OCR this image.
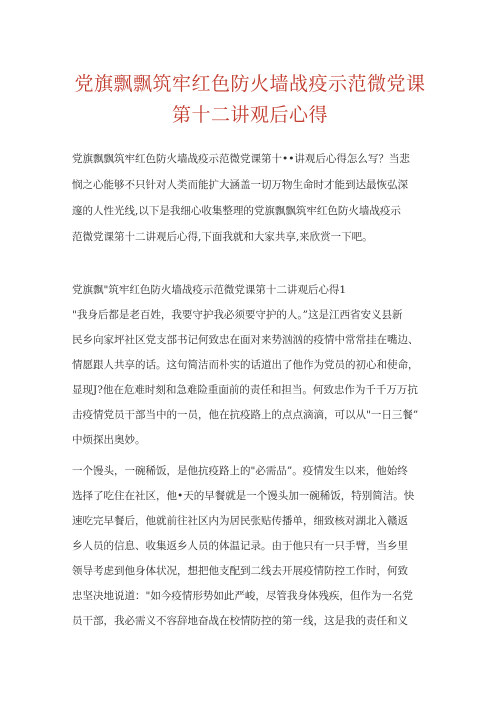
党旗飘飘筑牢红色防火墙战疫示范微党课
第十二讲观后心得
党旗飘飘筑牢红色防火墙战疫示范微党课第十••讲观后心得怎么写？当悲
悯之心能够不只针对人类而能扩大涵盖一切万物生命时才能到达最恢弘深
邃的人性光线,以下是我细心收集整理的党旗飘飘筑牢红色防火墙战疫示
范微党课第十二讲观后心得,下面我就和大家共享,来欣赏一下吧。
党旗飘"筑牢红色防火墙战疫示范微党课第十二讲观后心得1
"我身后都是老百姓，我要守护我必须要守护的人。”这是江西省安义县新
民乡向家坪社区党支部书记何致忠在面对来势汹汹的疫情中常常挂在嘴边、
情愿跟人共享的话。这句简洁而朴实的话道出了他作为党员的初心和使命，
显现J?他在危难时刻和急难险重面前的责任和担当。何致忠作为千千万万抗
击疫情党员干部当中的一员，他在抗疫路上的点点滴滴，可以从"一日三餐”
中烦探出奥妙。
一个馒头，一碗稀饭，是他抗疫路上的"必需品”。疫情发生以来，他始终
选择了吃住在社区，他•天的早餐就是一个馒头加一碗稀饭，特别简洁。快
速吃完早餐后，他就前往社区内为居民张贴传播单，细致核对湖北入赣返
乡人员的信息、收集返乡人员的体温记录。由于他只有一只手臂，当乡里
领导考虑到他身体状况，想把他支配到二线去开展疫情防控工作时，何致
忠坚决地说道："如今疫情形势如此严峻，尽管我身体残疾，但作为一名党
员干部，我必需义不容辞地奋战在校情防控的第一线，这是我的责任和义
